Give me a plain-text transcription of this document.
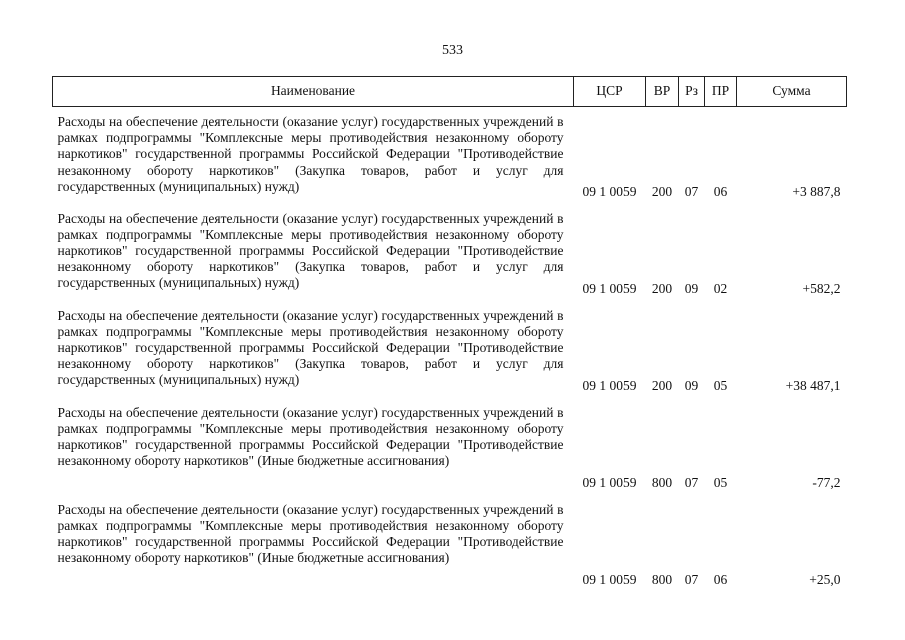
533
Наименование	ЦСР	ВР	Рз	ПР	Сумма
Расходы на обеспечение деятельности (оказание услуг) государственных учреждений в рамках подпрограммы "Комплексные меры противодействия незаконному обороту наркотиков" государственной программы Российской Федерации "Противодействие незаконному обороту наркотиков" (Закупка товаров, работ и услуг для государственных (муниципальных) нужд)	09 1 0059	200	07	06	+3 887,8
Расходы на обеспечение деятельности (оказание услуг) государственных учреждений в рамках подпрограммы "Комплексные меры противодействия незаконному обороту наркотиков" государственной программы Российской Федерации "Противодействие незаконному обороту наркотиков" (Закупка товаров, работ и услуг для государственных (муниципальных) нужд)	09 1 0059	200	09	02	+582,2
Расходы на обеспечение деятельности (оказание услуг) государственных учреждений в рамках подпрограммы "Комплексные меры противодействия незаконному обороту наркотиков" государственной программы Российской Федерации "Противодействие незаконному обороту наркотиков" (Закупка товаров, работ и услуг для государственных (муниципальных) нужд)	09 1 0059	200	09	05	+38 487,1
Расходы на обеспечение деятельности (оказание услуг) государственных учреждений в рамках подпрограммы "Комплексные меры противодействия незаконному обороту наркотиков" государственной программы Российской Федерации "Противодействие незаконному обороту наркотиков" (Иные бюджетные ассигнования)	09 1 0059	800	07	05	-77,2
Расходы на обеспечение деятельности (оказание услуг) государственных учреждений в рамках подпрограммы "Комплексные меры противодействия незаконному обороту наркотиков" государственной программы Российской Федерации "Противодействие незаконному обороту наркотиков" (Иные бюджетные ассигнования)	09 1 0059	800	07	06	+25,0
